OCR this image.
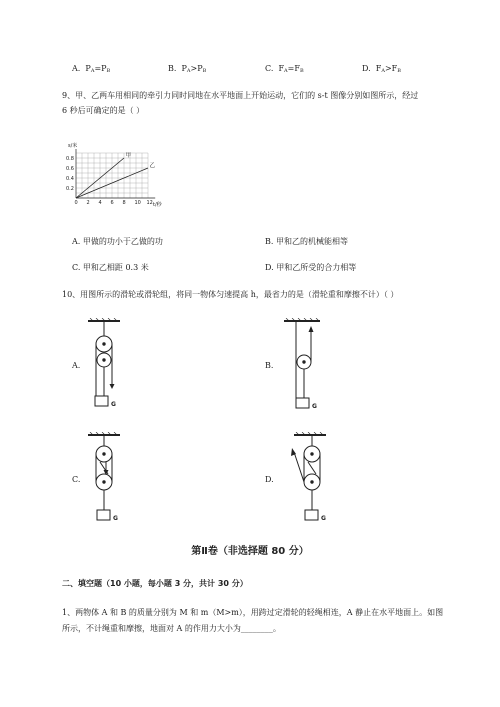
A. $P_A=P_B$	B. $P_A>P_B$	C. $F_A=F_B$	D. $F_A>F_B$
9、甲、乙两车用相同的牵引力同时同地在水平地面上开始运动，它们的 s-t 图像分别如图所示，经过
6 秒后可确定的是（ ）
0 2 4 6 8 10 12
0.2
0.4
0.6
0.8	甲
乙
s/米
t/秒
A. 甲做的功小于乙做的功	B. 甲和乙的机械能相等
C. 甲和乙相距 0.3 米	D. 甲和乙所受的合力相等
10、用图所示的滑轮或滑轮组，将同一物体匀速提高 h，最省力的是（滑轮重和摩擦不计）（ ）
A.	B.
C.	D.
G	G
G	G
第Ⅱ卷（非选择题 80 分）
二、填空题（10 小题，每小题 3 分，共计 30 分）
1、两物体 A 和 B 的质量分别为 M 和 m（M>m），用跨过定滑轮的轻绳相连，A 静止在水平地面上。如图
所示，不计绳重和摩擦，地面对 A 的作用力大小为________。
